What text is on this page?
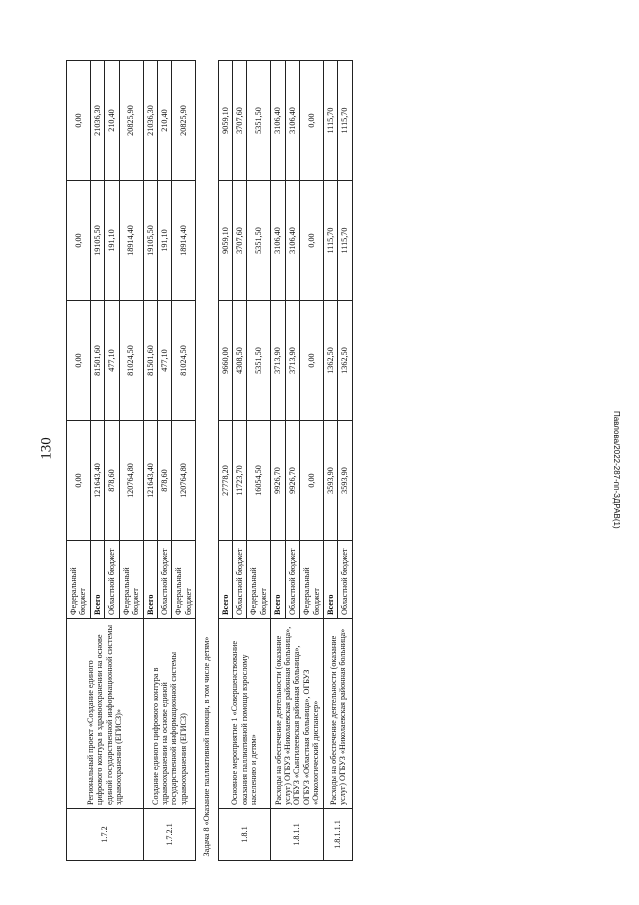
130	Павлова/2022-287-пп-ЗДРАВ(1)
1.7.2	Региональный проект «Создание единого цифрового контура в здравоохранении на основе единой государственной информационной системы здравоохранения (ЕГИСЗ)»	Федеральный бюджет	0,00	0,00	0,00	0,00
		Всего	121643,40	81501,60	19105,50	21036,30
		Областной бюджет	878,60	477,10	191,10	210,40
		Федеральный бюджет	120764,80	81024,50	18914,40	20825,90
1.7.2.1	Создание единого цифрового контура в здравоохранении на основе единой государственной информационной системы здравоохранения (ЕГИСЗ)	Всего	121643,40	81501,60	19105,50	21036,30
		Областной бюджет	878,60	477,10	191,10	210,40
		Федеральный бюджет	120764,80	81024,50	18914,40	20825,90
Задача 8 «Оказание паллиативной помощи, в том числе детям»						
1.8.1	Основное мероприятие 1 «Совершенствование оказания паллиативной помощи взрослому населению и детям»	Всего	27778,20	9660,00	9059,10	9059,10
		Областной бюджет	11723,70	4308,50	3707,60	3707,60
		Федеральный бюджет	16054,50	5351,50	5351,50	5351,50
1.8.1.1	Расходы на обеспечение деятельности (оказание услуг) ОГБУЗ «Николаевская районная больница», ОГБУЗ «Сынгилеевская районная больница», ОГБУЗ «Областная больница», ОГБУЗ «Онкологический диспансер»	Всего	9926,70	3713,90	3106,40	3106,40
		Областной бюджет	9926,70	3713,90	3106,40	3106,40
		Федеральный бюджет	0,00	0,00	0,00	0,00
1.8.1.1.1	Расходы на обеспечение деятельности (оказание услуг) ОГБУЗ «Николаевская районная больница»	Всего	3593,90	1362,50	1115,70	1115,70
		Областной бюджет	3593,90	1362,50	1115,70	1115,70
